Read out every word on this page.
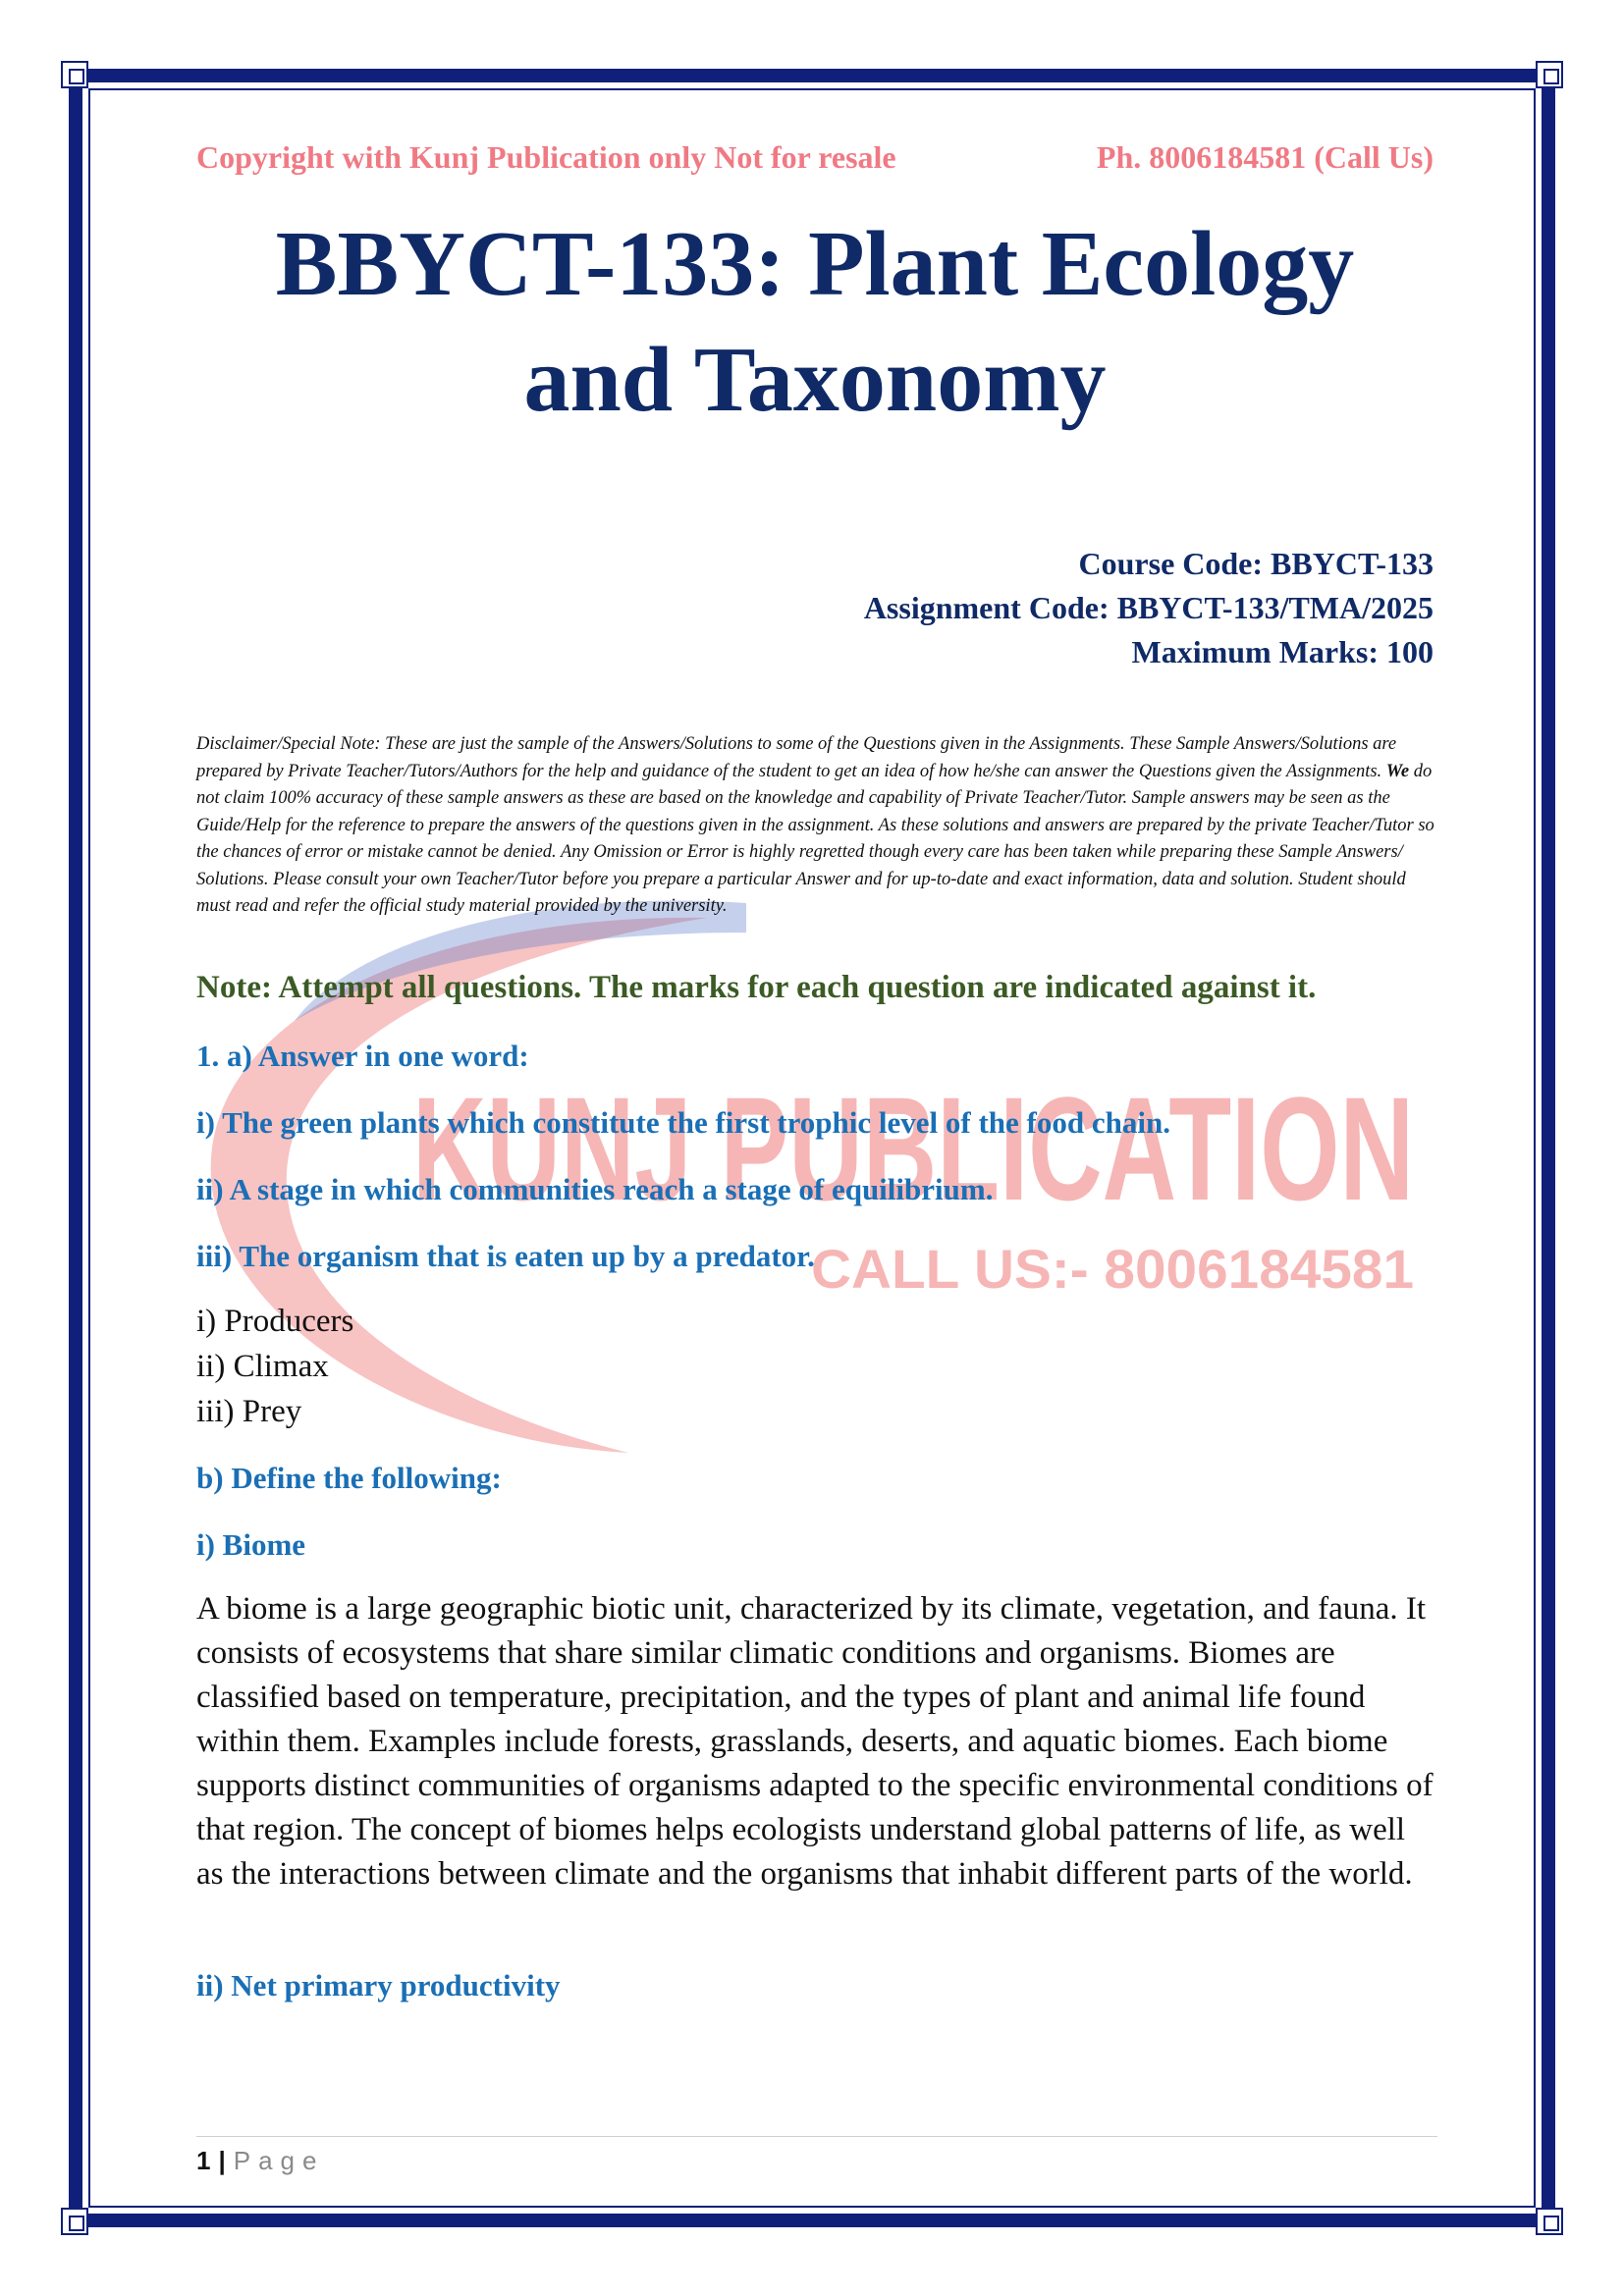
KUNJ PUBLICATION
CALL US:- 8006184581
Copyright with Kunj Publication only Not for resale	Ph. 8006184581 (Call Us)
BBYCT-133: Plant Ecology
and Taxonomy
Course Code: BBYCT-133
Assignment Code: BBYCT-133/TMA/2025
Maximum Marks: 100
Disclaimer/Special Note: These are just the sample of the Answers/Solutions to some of the Questions given in the Assignments. These Sample Answers/Solutions are prepared by Private Teacher/Tutors/Authors for the help and guidance of the student to get an idea of how he/she can answer the Questions given the Assignments. We do not claim 100% accuracy of these sample answers as these are based on the knowledge and capability of Private Teacher/Tutor. Sample answers may be seen as the Guide/Help for the reference to prepare the answers of the questions given in the assignment. As these solutions and answers are prepared by the private Teacher/Tutor so the chances of error or mistake cannot be denied. Any Omission or Error is highly regretted though every care has been taken while preparing these Sample Answers/ Solutions. Please consult your own Teacher/Tutor before you prepare a particular Answer and for up-to-date and exact information, data and solution. Student should must read and refer the official study material provided by the university.
Note: Attempt all questions. The marks for each question are indicated against it.
1. a) Answer in one word:
i) The green plants which constitute the first trophic level of the food chain.
ii) A stage in which communities reach a stage of equilibrium.
iii) The organism that is eaten up by a predator.
i) Producers
ii) Climax
iii) Prey
b) Define the following:
i) Biome
A biome is a large geographic biotic unit, characterized by its climate, vegetation, and fauna. It consists of ecosystems that share similar climatic conditions and organisms. Biomes are classified based on temperature, precipitation, and the types of plant and animal life found within them. Examples include forests, grasslands, deserts, and aquatic biomes. Each biome supports distinct communities of organisms adapted to the specific environmental conditions of that region. The concept of biomes helps ecologists understand global patterns of life, as well as the interactions between climate and the organisms that inhabit different parts of the world.
ii) Net primary productivity
1 | Page
